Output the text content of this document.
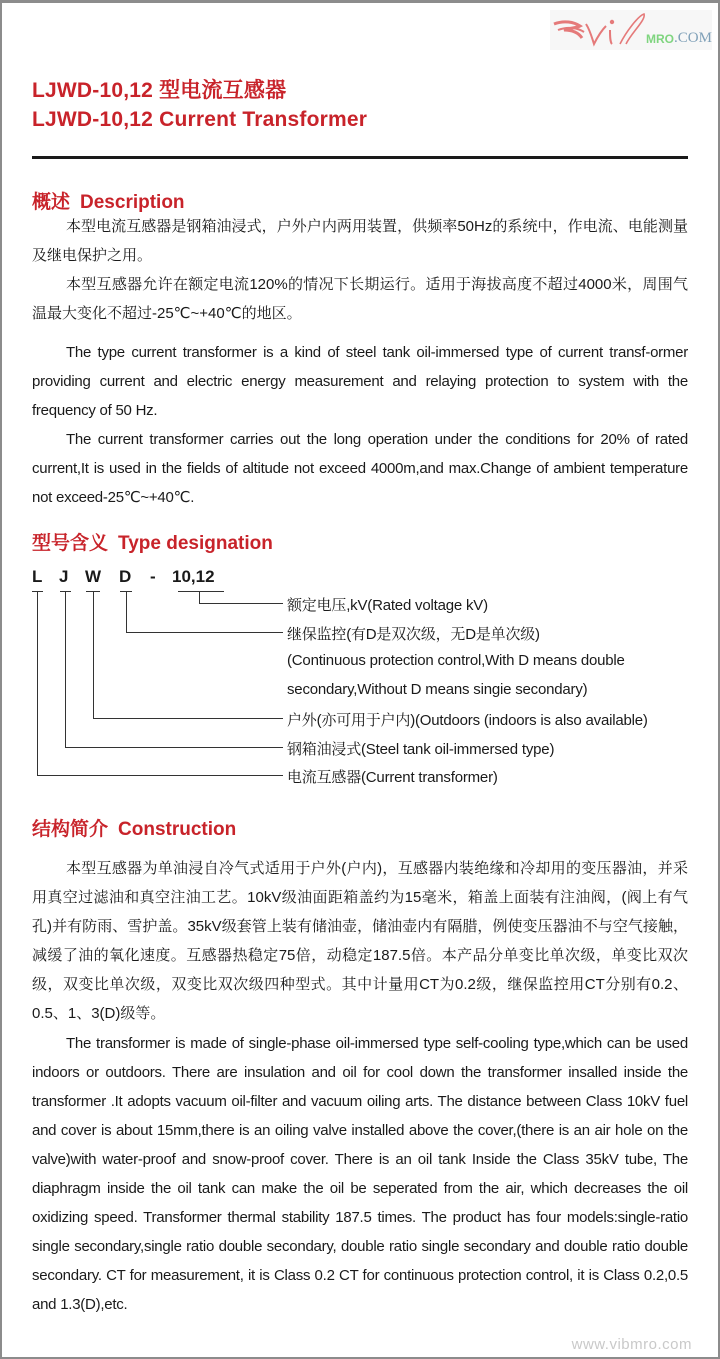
MRO .COM
LJWD-10,12 型电流互感器
LJWD-10,12 Current Transformer
概述 Description

本型电流互感器是钢箱油浸式，户外户内两用装置，供频率50Hz的系统中，作电流、电能测量及继电保护之用。

本型互感器允许在额定电流120%的情况下长期运行。适用于海拔高度不超过4000米，周围气温最大变化不超过-25℃~+40℃的地区。

The type current transformer is a kind of steel tank oil-immersed type of current transf-ormer providing current and electric energy measurement and relaying protection to system with the frequency of 50 Hz.

The current transformer carries out the long operation under the conditions for 20% of rated current,It is used in the fields of altitude not exceed 4000m,and max.Change of ambient temperature not exceed-25℃~+40℃.

型号含义 Type designation
L J W D - 10,12
额定电压,kV(Rated voltage kV)
继保监控(有D是双次级，无D是单次级)
(Continuous protection control,With D means double
secondary,Without D means singie secondary)
户外(亦可用于户内)(Outdoors (indoors is also available)
钢箱油浸式(Steel tank oil-immersed type)
电流互感器(Current transformer)
结构简介 Construction

本型互感器为单油浸自冷气式适用于户外(户内)，互感器内装绝缘和冷却用的变压器油，并采用真空过滤油和真空注油工艺。10kV级油面距箱盖约为15毫米，箱盖上面装有注油阀，(阀上有气孔)并有防雨、雪护盖。35kV级套管上装有储油壶，储油壶内有隔腊，例使变压器油不与空气接触，减缓了油的氧化速度。互感器热稳定75倍，动稳定187.5倍。本产品分单变比单次级，单变比双次级，双变比单次级，双变比双次级四种型式。其中计量用CT为0.2级，继保监控用CT分别有0.2、0.5、1、3(D)级等。

The transformer is made of single-phase oil-immersed type self-cooling type,which can be used indoors or outdoors. There are insulation and oil for cool down the transformer insalled inside the transformer .It adopts vacuum oil-filter and vacuum oiling arts. The distance between Class 10kV fuel and cover is about 15mm,there is an oiling valve installed above the cover,(there is an air hole on the valve)with water-proof and snow-proof cover. There is an oil tank Inside the Class 35kV tube, The diaphragm inside the oil tank can make the oil be seperated from the air, which decreases the oil oxidizing speed. Transformer thermal stability 187.5 times. The product has four models:single-ratio single secondary,single ratio double secondary, double ratio single secondary and double ratio double secondary. CT for measurement, it is Class 0.2 CT for continuous protection control, it is Class 0.2,0.5 and 1.3(D),etc.

www.vibmro.com
